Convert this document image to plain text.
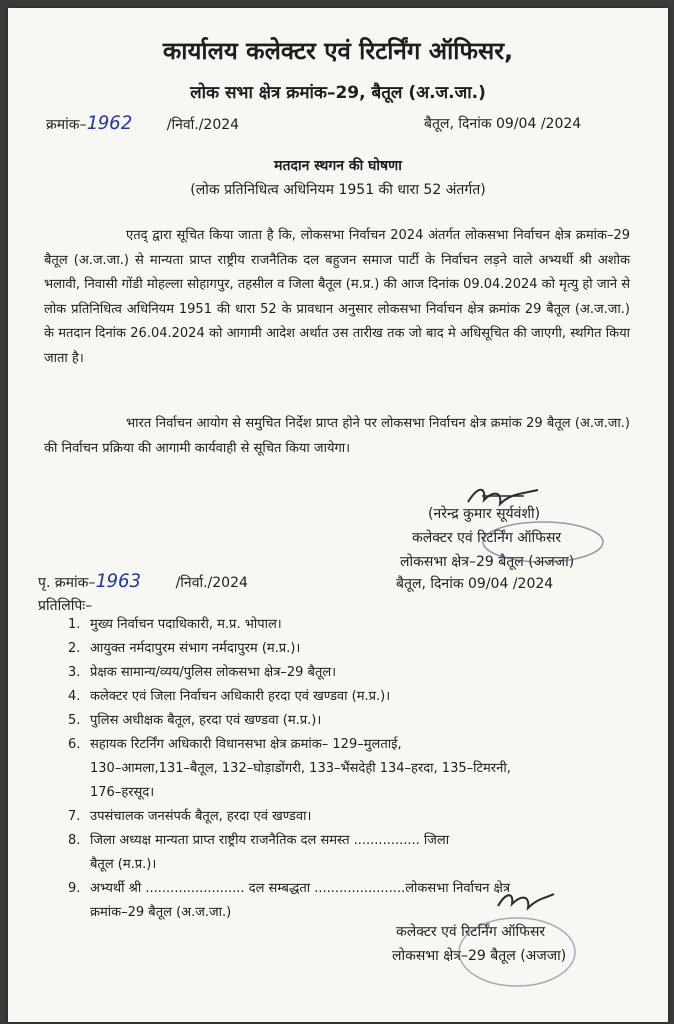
कार्यालय कलेक्टर एवं रिटर्निंग ऑफिसर,
लोक सभा क्षेत्र क्रमांक–29, बैतूल (अ.ज.जा.)
क्रमांक–1962 /निर्वा./2024	बैतूल, दिनांक 09/04 /2024
मतदान स्थगन की घोषणा
(लोक प्रतिनिधित्व अधिनियम 1951 की धारा 52 अंतर्गत)
एतद् द्वारा सूचित किया जाता है कि, लोकसभा निर्वाचन 2024 अंतर्गत लोकसभा निर्वाचन क्षेत्र क्रमांक–29 बैतूल (अ.ज.जा.) से मान्यता प्राप्त राष्ट्रीय राजनैतिक दल बहुजन समाज पार्टी के निर्वाचन लड़ने वाले अभ्यर्थी श्री अशोक भलावी, निवासी गोंडी मोहल्ला सोहागपुर, तहसील व जिला बैतूल (म.प्र.) की आज दिनांक 09.04.2024 को मृत्यु हो जाने से लोक प्रतिनिधित्व अधिनियम 1951 की धारा 52 के प्रावधान अनुसार लोकसभा निर्वाचन क्षेत्र क्रमांक 29 बैतूल (अ.ज.जा.) के मतदान दिनांक 26.04.2024 को आगामी आदेश अर्थात उस तारीख तक जो बाद मे अधिसूचित की जाएगी, स्थगित किया जाता है।
भारत निर्वाचन आयोग से समुचित निर्देश प्राप्त होने पर लोकसभा निर्वाचन क्षेत्र क्रमांक 29 बैतूल (अ.ज.जा.) की निर्वाचन प्रक्रिया की आगामी कार्यवाही से सूचित किया जायेगा।
(नरेन्द्र कुमार सूर्यवंशी)
कलेक्टर एवं रिटर्निंग ऑफिसर
लोकसभा क्षेत्र–29 बैतूल (अजजा)
पृ. क्रमांक–1963 /निर्वा./2024	बैतूल, दिनांक 09/04 /2024
प्रतिलिपिः–
1. मुख्य निर्वाचन पदाधिकारी, म.प्र. भोपाल।
2. आयुक्त नर्मदापुरम संभाग नर्मदापुरम (म.प्र.)।
3. प्रेक्षक सामान्य/व्यय/पुलिस लोकसभा क्षेत्र–29 बैतूल।
4. कलेक्टर एवं जिला निर्वाचन अधिकारी हरदा एवं खण्डवा (म.प्र.)।
5. पुलिस अधीक्षक बैतूल, हरदा एवं खण्डवा (म.प्र.)।
6. सहायक रिटर्निंग अधिकारी विधानसभा क्षेत्र क्रमांक– 129–मुलताई,
130–आमला,131–बैतूल, 132–घोड़ाडोंगरी, 133–भैंसदेही 134–हरदा, 135–टिमरनी,
176–हरसूद।
7. उपसंचालक जनसंपर्क बैतूल, हरदा एवं खण्डवा।
8. जिला अध्यक्ष मान्यता प्राप्त राष्ट्रीय राजनैतिक दल समस्त ................ जिला
बैतूल (म.प्र.)।
9. अभ्यर्थी श्री ........................ दल सम्बद्धता ......................लोकसभा निर्वाचन क्षेत्र
क्रमांक–29 बैतूल (अ.ज.जा.)
कलेक्टर एवं रिटर्निंग ऑफिसर
लोकसभा क्षेत्र–29 बैतूल (अजजा)
